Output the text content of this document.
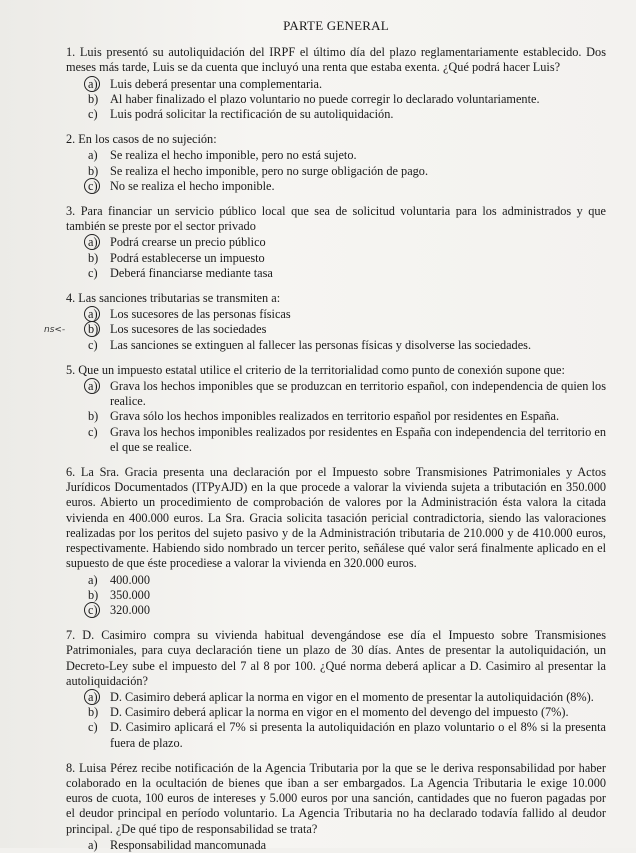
PARTE GENERAL

1. Luis presentó su autoliquidación del IRPF el último día del plazo reglamentariamente establecido. Dos meses más tarde, Luis se da cuenta que incluyó una renta que estaba exenta. ¿Qué podrá hacer Luis?

a)	Luis deberá presentar una complementaria.
b) Al haber finalizado el plazo voluntario no puede corregir lo declarado voluntariamente.
c)	Luis podrá solicitar la rectificación de su autoliquidación.

2. En los casos de no sujeción:

a)	Se realiza el hecho imponible, pero no está sujeto.
b) Se realiza el hecho imponible, pero no surge obligación de pago.
c)	No se realiza el hecho imponible.

3. Para financiar un servicio público local que sea de solicitud voluntaria para los administrados y que también se preste por el sector privado

a)	Podrá crearse un precio público
b) Podrá establecerse un impuesto
c)	Deberá financiarse mediante tasa

4. Las sanciones tributarias se transmiten a:

a)	Los sucesores de las personas físicas
ns<-	b) Los sucesores de las sociedades
c)	Las sanciones se extinguen al fallecer las personas físicas y disolverse las sociedades.

5. Que un impuesto estatal utilice el criterio de la territorialidad como punto de conexión supone que:

a)	Grava los hechos imponibles que se produzcan en territorio español, con independencia de quien los realice.
b) Grava sólo los hechos imponibles realizados en territorio español por residentes en España.
c)	Grava los hechos imponibles realizados por residentes en España con independencia del territorio en el que se realice.

6. La Sra. Gracia presenta una declaración por el Impuesto sobre Transmisiones Patrimoniales y Actos Jurídicos Documentados (ITPyAJD) en la que procede a valorar la vivienda sujeta a tributación en 350.000 euros. Abierto un procedimiento de comprobación de valores por la Administración ésta valora la citada vivienda en 400.000 euros. La Sra. Gracia solicita tasación pericial contradictoria, siendo las valoraciones realizadas por los peritos del sujeto pasivo y de la Administración tributaria de 210.000 y de 410.000 euros, respectivamente. Habiendo sido nombrado un tercer perito, señálese qué valor será finalmente aplicado en el supuesto de que éste procediese a valorar la vivienda en 320.000 euros.

a)	400.000
b) 350.000
c)	320.000

7. D. Casimiro compra su vivienda habitual devengándose ese día el Impuesto sobre Transmisiones Patrimoniales, para cuya declaración tiene un plazo de 30 días. Antes de presentar la autoliquidación, un Decreto-Ley sube el impuesto del 7 al 8 por 100. ¿Qué norma deberá aplicar a D. Casimiro al presentar la autoliquidación?

a)	D. Casimiro deberá aplicar la norma en vigor en el momento de presentar la autoliquidación (8%).
b) D. Casimiro deberá aplicar la norma en vigor en el momento del devengo del impuesto (7%).
c)	D. Casimiro aplicará el 7% si presenta la autoliquidación en plazo voluntario o el 8% si la presenta fuera de plazo.

8. Luisa Pérez recibe notificación de la Agencia Tributaria por la que se le deriva responsabilidad por haber colaborado en la ocultación de bienes que iban a ser embargados. La Agencia Tributaria le exige 10.000 euros de cuota, 100 euros de intereses y 5.000 euros por una sanción, cantidades que no fueron pagadas por el deudor principal en período voluntario. La Agencia Tributaria no ha declarado todavía fallido al deudor principal. ¿De qué tipo de responsabilidad se trata?

a)	Responsabilidad mancomunada
